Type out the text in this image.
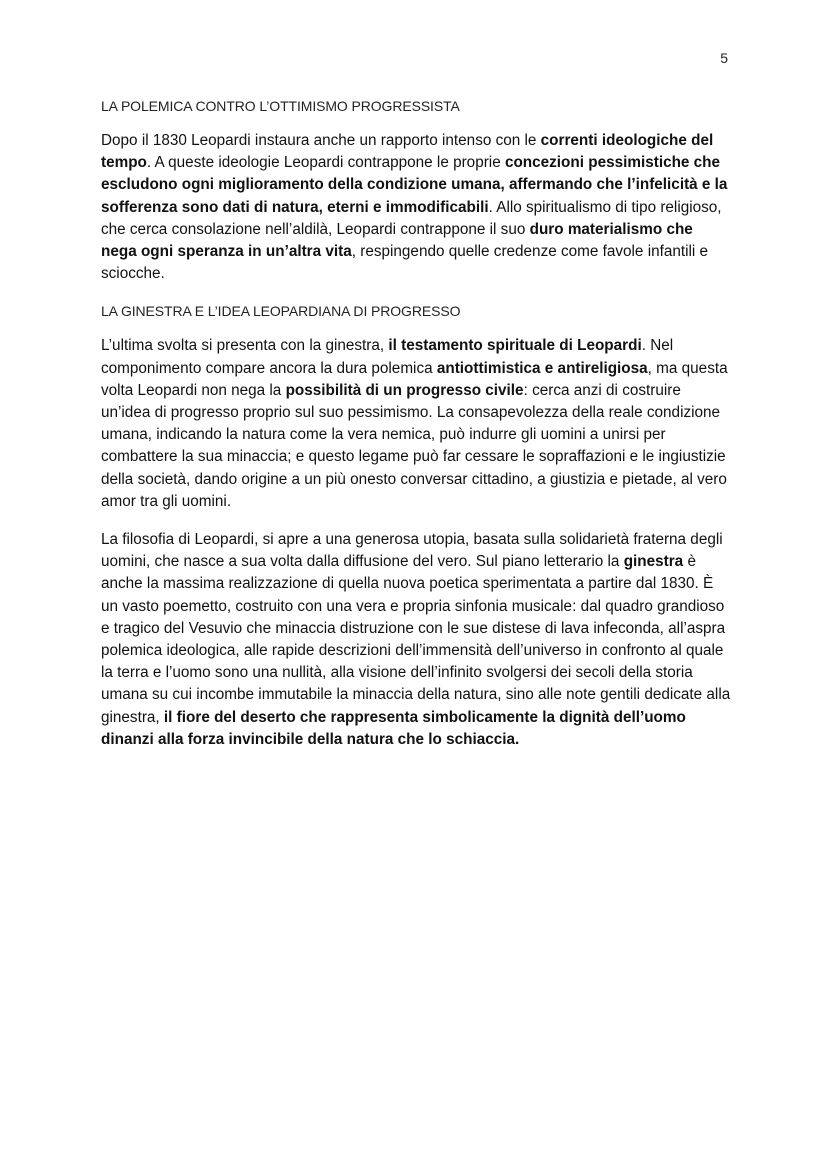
5
LA POLEMICA CONTRO L’OTTIMISMO PROGRESSISTA

Dopo il 1830 Leopardi instaura anche un rapporto intenso con le correnti ideologiche del tempo. A queste ideologie Leopardi contrappone le proprie concezioni pessimistiche che escludono ogni miglioramento della condizione umana, affermando che l’infelicità e la sofferenza sono dati di natura, eterni e immodificabili. Allo spiritualismo di tipo religioso, che cerca consolazione nell’aldilà, Leopardi contrappone il suo duro materialismo che nega ogni speranza in un’altra vita, respingendo quelle credenze come favole infantili e sciocche.

LA GINESTRA E L’IDEA LEOPARDIANA DI PROGRESSO

L’ultima svolta si presenta con la ginestra, il testamento spirituale di Leopardi. Nel componimento compare ancora la dura polemica antiottimistica e antireligiosa, ma questa volta Leopardi non nega la possibilità di un progresso civile: cerca anzi di costruire un’idea di progresso proprio sul suo pessimismo. La consapevolezza della reale condizione umana, indicando la natura come la vera nemica, può indurre gli uomini a unirsi per combattere la sua minaccia; e questo legame può far cessare le sopraffazioni e le ingiustizie della società, dando origine a un più onesto conversar cittadino, a giustizia e pietade, al vero amor tra gli uomini.

La filosofia di Leopardi, si apre a una generosa utopia, basata sulla solidarietà fraterna degli uomini, che nasce a sua volta dalla diffusione del vero. Sul piano letterario la ginestra è anche la massima realizzazione di quella nuova poetica sperimentata a partire dal 1830. È un vasto poemetto, costruito con una vera e propria sinfonia musicale: dal quadro grandioso e tragico del Vesuvio che minaccia distruzione con le sue distese di lava infeconda, all’aspra polemica ideologica, alle rapide descrizioni dell’immensità dell’universo in confronto al quale la terra e l’uomo sono una nullità, alla visione dell’infinito svolgersi dei secoli della storia umana su cui incombe immutabile la minaccia della natura, sino alle note gentili dedicate alla ginestra, il fiore del deserto che rappresenta simbolicamente la dignità dell’uomo dinanzi alla forza invincibile della natura che lo schiaccia.
